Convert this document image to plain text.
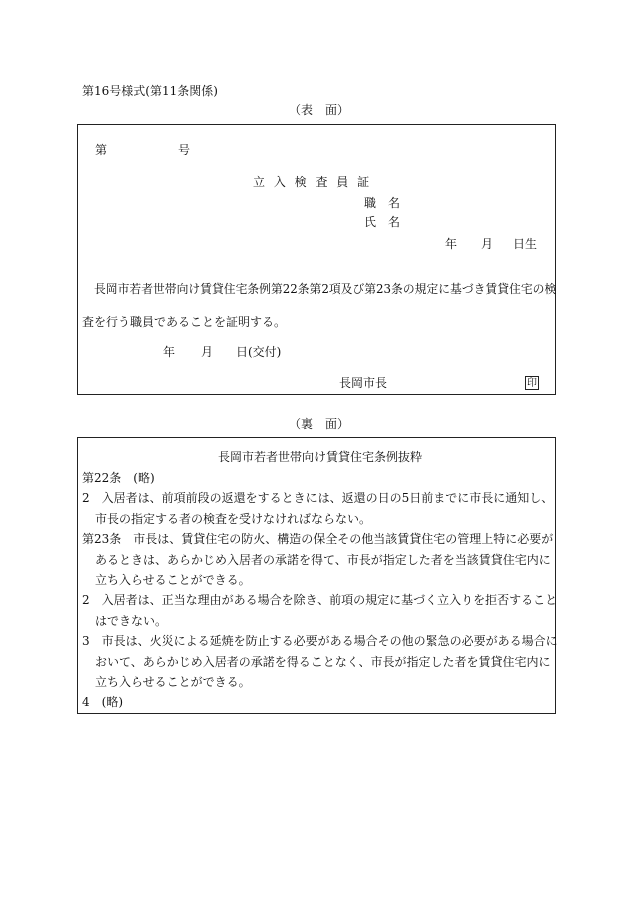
第16号様式(第11条関係)
（表　面）
第	号
立 入 検 査 員 証
職　名
氏　名
年 月 日生
長岡市若者世帯向け賃貸住宅条例第22条第2項及び第23条の規定に基づき賃貸住宅の検
査を行う職員であることを証明する。
年 月 日(交付)
長岡市長	印
（裏　面）
長岡市若者世帯向け賃貸住宅条例抜粋
第22条　(略)
2　入居者は、前項前段の返還をするときには、返還の日の5日前までに市長に通知し、
市長の指定する者の検査を受けなければならない。
第23条　市長は、賃貸住宅の防火、構造の保全その他当該賃貸住宅の管理上特に必要が
あるときは、あらかじめ入居者の承諾を得て、市長が指定した者を当該賃貸住宅内に
立ち入らせることができる。
2　入居者は、正当な理由がある場合を除き、前項の規定に基づく立入りを拒否すること
はできない。
3　市長は、火災による延焼を防止する必要がある場合その他の緊急の必要がある場合に
おいて、あらかじめ入居者の承諾を得ることなく、市長が指定した者を賃貸住宅内に
立ち入らせることができる。
4　(略)
